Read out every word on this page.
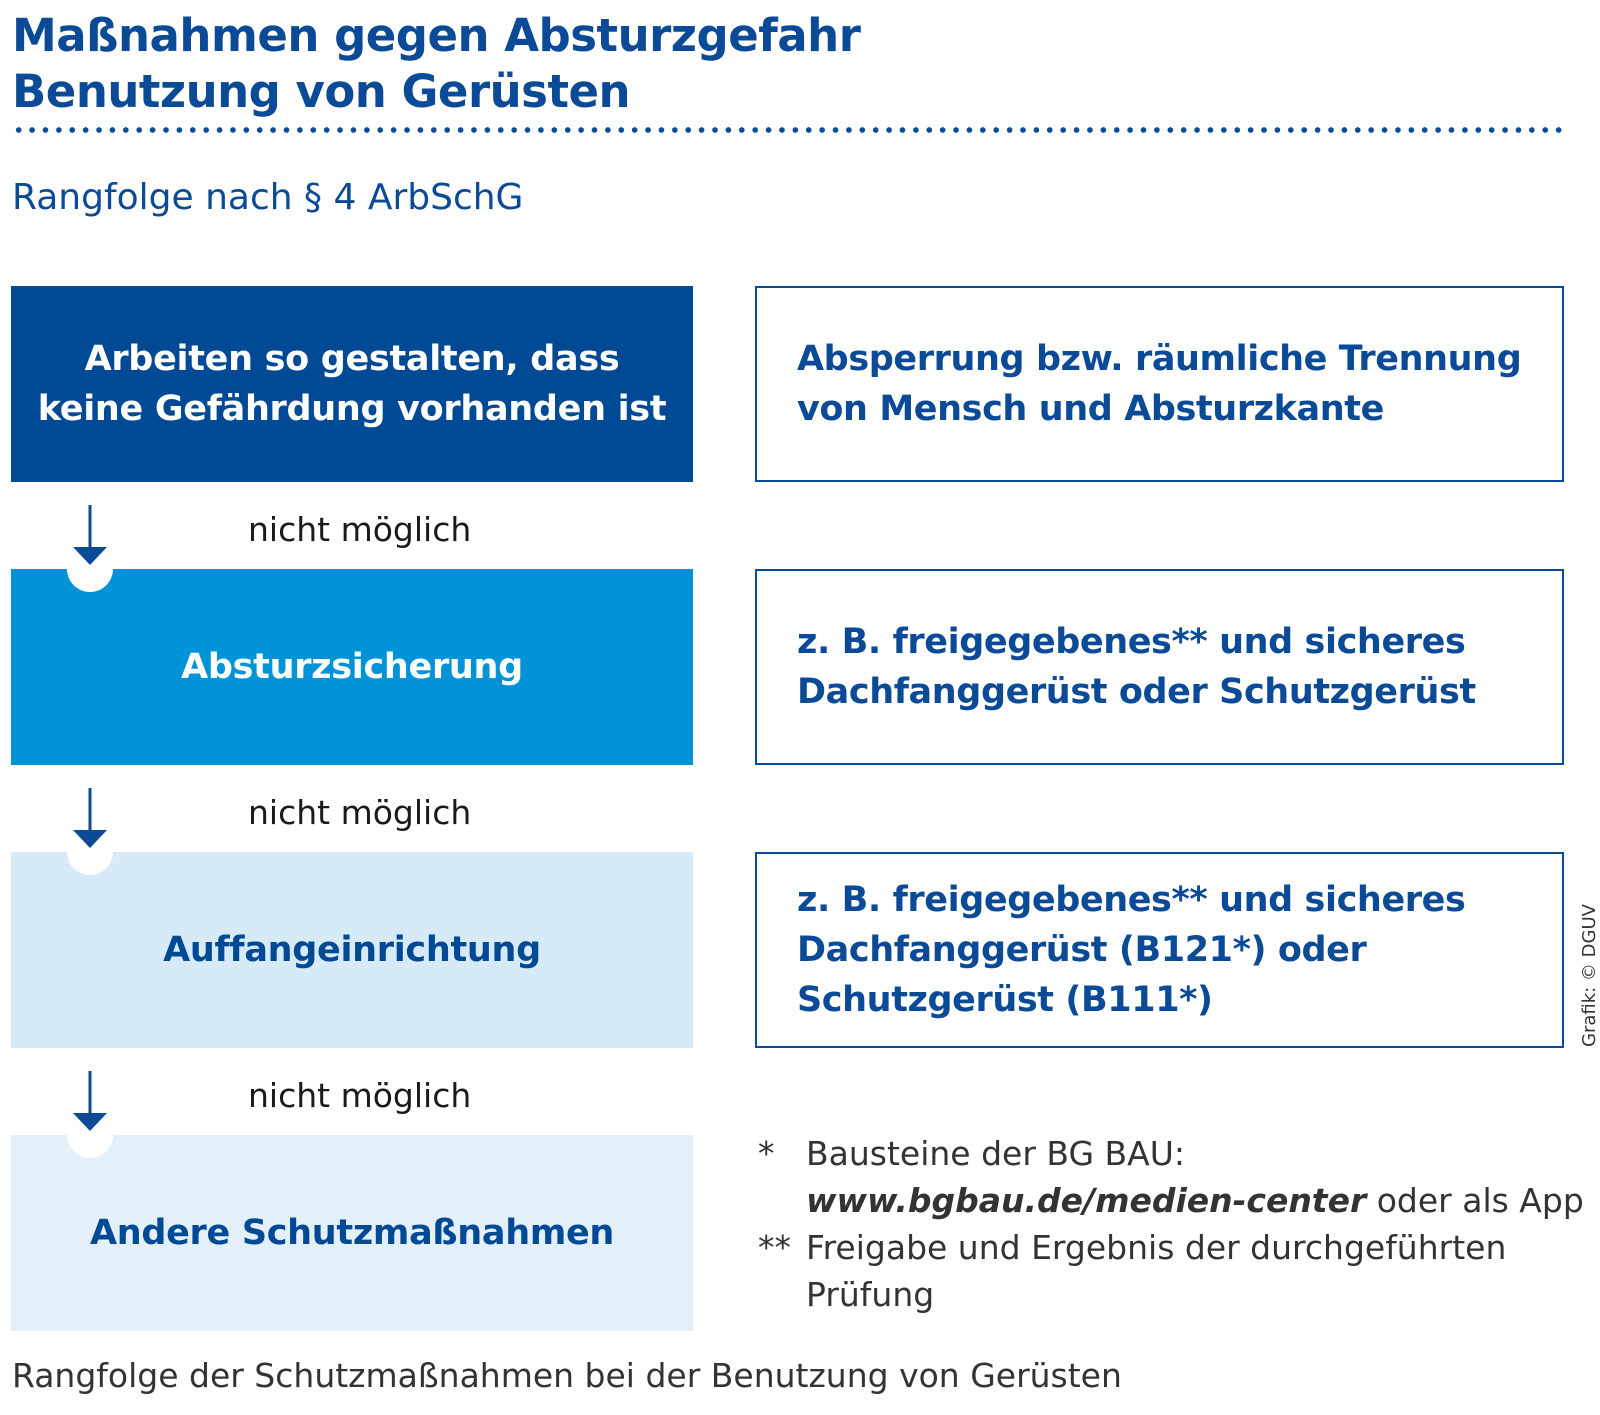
Maßnahmen gegen Absturzgefahr
Benutzung von Gerüsten

Rangfolge nach § 4 ArbSchG

Arbeiten so gestalten, dass
keine Gefährdung vorhanden ist
Absturzsicherung
Auffangeinrichtung
Andere Schutzmaßnahmen
nicht möglich
nicht möglich
nicht möglich
Absperrung bzw. räumliche Trennung
von Mensch und Absturzkante
z. B. freigegebenes** und sicheres
Dachfanggerüst oder Schutzgerüst
z. B. freigegebenes** und sicheres
Dachfanggerüst (B121*) oder
Schutzgerüst (B111*)
* Bausteine der BG BAU:
www.bgbau.de/medien-center oder als App
** Freigabe und Ergebnis der durchgeführten Prüfung
Grafik: © DGUV

Rangfolge der Schutzmaßnahmen bei der Benutzung von Gerüsten
